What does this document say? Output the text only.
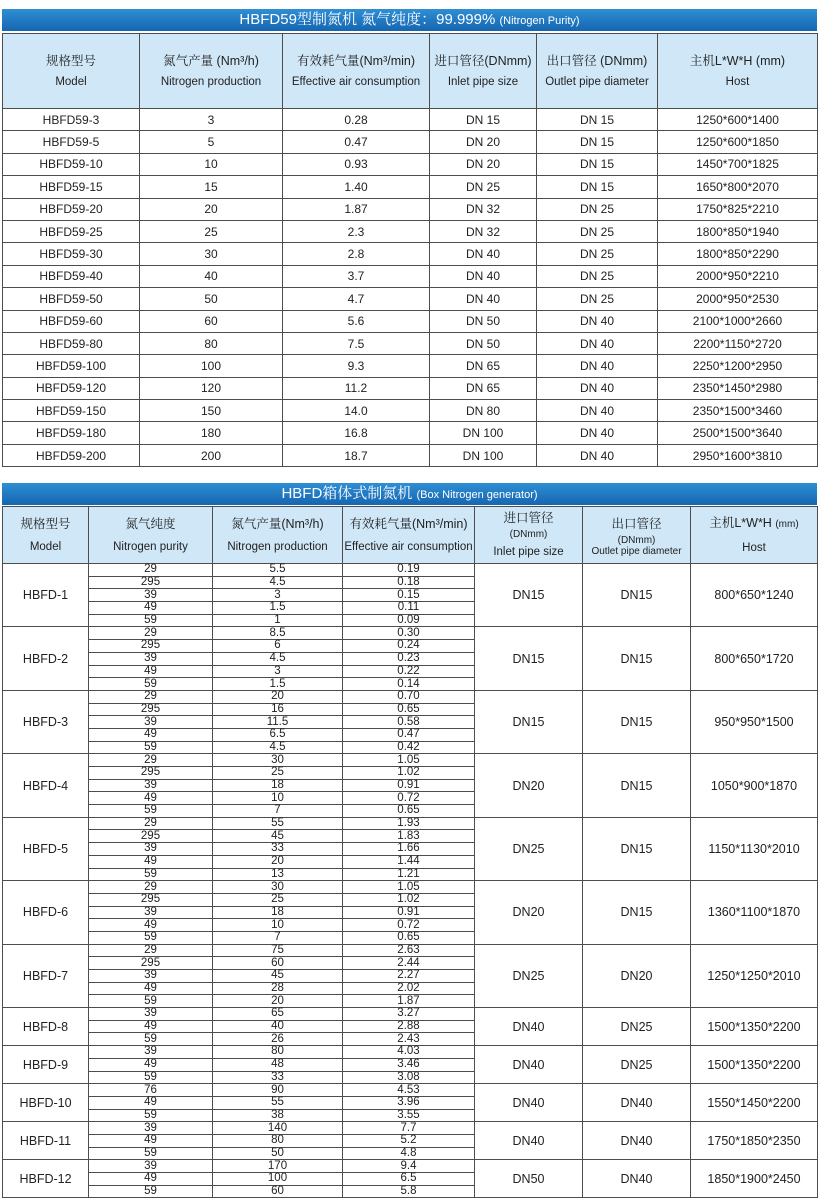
HBFD59型制氮机 氮气纯度：99.999% (Nitrogen Purity)
规格型号
Model	氮气产量 (Nm³/h)
Nitrogen production	有效耗气量(Nm³/min)
Effective air consumption	进口管径(DNmm)
Inlet pipe size	出口管径 (DNmm)
Outlet pipe diameter	主机L*W*H (mm)
Host
HBFD59-3	3	0.28	DN 15	DN 15	1250*600*1400
HBFD59-5	5	0.47	DN 20	DN 15	1250*600*1850
HBFD59-10	10	0.93	DN 20	DN 15	1450*700*1825
HBFD59-15	15	1.40	DN 25	DN 15	1650*800*2070
HBFD59-20	20	1.87	DN 32	DN 25	1750*825*2210
HBFD59-25	25	2.3	DN 32	DN 25	1800*850*1940
HBFD59-30	30	2.8	DN 40	DN 25	1800*850*2290
HBFD59-40	40	3.7	DN 40	DN 25	2000*950*2210
HBFD59-50	50	4.7	DN 40	DN 25	2000*950*2530
HBFD59-60	60	5.6	DN 50	DN 40	2100*1000*2660
HBFD59-80	80	7.5	DN 50	DN 40	2200*1150*2720
HBFD59-100	100	9.3	DN 65	DN 40	2250*1200*2950
HBFD59-120	120	11.2	DN 65	DN 40	2350*1450*2980
HBFD59-150	150	14.0	DN 80	DN 40	2350*1500*3460
HBFD59-180	180	16.8	DN 100	DN 40	2500*1500*3640
HBFD59-200	200	18.7	DN 100	DN 40	2950*1600*3810
HBFD箱体式制氮机 (Box Nitrogen generator)
规格型号
Model	氮气纯度
Nitrogen purity	氮气产量(Nm³/h)
Nitrogen production	有效耗气量(Nm³/min)
Effective air consumption	进口管径
(DNmm)
Inlet pipe size	出口管径
(DNmm)
Outlet pipe diameter	主机L*W*H (mm)
Host
HBFD-1	29	5.5	0.19	DN15	DN15	800*650*1240
	295	4.5	0.18			
	39	3	0.15			
	49	1.5	0.11			
	59	1	0.09			
HBFD-2	29	8.5	0.30	DN15	DN15	800*650*1720
	295	6	0.24			
	39	4.5	0.23			
	49	3	0.22			
	59	1.5	0.14			
HBFD-3	29	20	0.70	DN15	DN15	950*950*1500
	295	16	0.65			
	39	11.5	0.58			
	49	6.5	0.47			
	59	4.5	0.42			
HBFD-4	29	30	1.05	DN20	DN15	1050*900*1870
	295	25	1.02			
	39	18	0.91			
	49	10	0.72			
	59	7	0.65			
HBFD-5	29	55	1.93	DN25	DN15	1150*1130*2010
	295	45	1.83			
	39	33	1.66			
	49	20	1.44			
	59	13	1.21			
HBFD-6	29	30	1.05	DN20	DN15	1360*1100*1870
	295	25	1.02			
	39	18	0.91			
	49	10	0.72			
	59	7	0.65			
HBFD-7	29	75	2.63	DN25	DN20	1250*1250*2010
	295	60	2.44			
	39	45	2.27			
	49	28	2.02			
	59	20	1.87			
HBFD-8	39	65	3.27	DN40	DN25	1500*1350*2200
	49	40	2.88			
	59	26	2.43			
HBFD-9	39	80	4.03	DN40	DN25	1500*1350*2200
	49	48	3.46			
	59	33	3.08			
HBFD-10	76	90	4.53	DN40	DN40	1550*1450*2200
	49	55	3.96			
	59	38	3.55			
HBFD-11	39	140	7.7	DN40	DN40	1750*1850*2350
	49	80	5.2			
	59	50	4.8			
HBFD-12	39	170	9.4	DN50	DN40	1850*1900*2450
	49	100	6.5			
	59	60	5.8			
